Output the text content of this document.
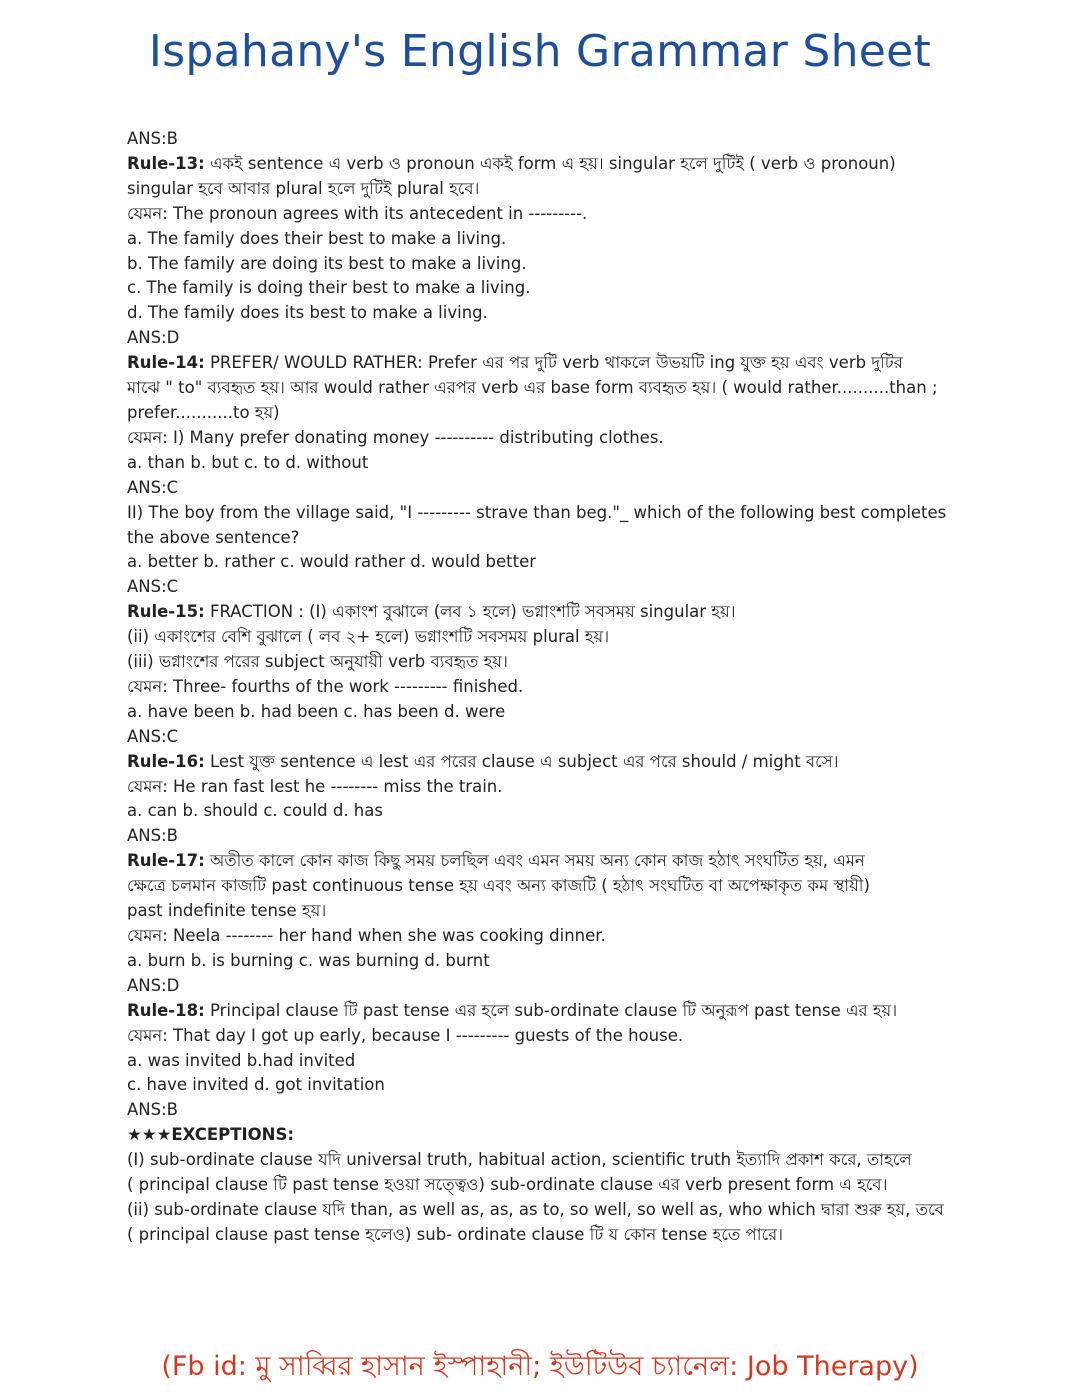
Ispahany's English Grammar Sheet
ANS:B
Rule-13: একই sentence এ verb ও pronoun একই form এ হয়। singular হলে দুটিই ( verb ও pronoun)
singular হবে আবার plural হলে দুটিই plural হবে।
যেমন: The pronoun agrees with its antecedent in ---------.
a. The family does their best to make a living.
b. The family are doing its best to make a living.
c. The family is doing their best to make a living.
d. The family does its best to make a living.
ANS:D
Rule-14: PREFER/ WOULD RATHER: Prefer এর পর দুটি verb থাকলে উভয়টি ing যুক্ত হয় এবং verb দুটির
মাঝে " to" ব্যবহৃত হয়। আর would rather এরপর verb এর base form ব্যবহৃত হয়। ( would rather..........than ;
prefer...........to হয়)
যেমন: I) Many prefer donating money ---------- distributing clothes.
a. than b. but c. to d. without
ANS:C
II) The boy from the village said, "I --------- strave than beg."_ which of the following best completes
the above sentence?
a. better b. rather c. would rather d. would better
ANS:C
Rule-15: FRACTION : (I) একাংশ বুঝালে (লব ১ হলে) ভগ্নাংশটি সবসময় singular হয়।
(ii) একাংশের বেশি বুঝালে ( লব ২+ হলে) ভগ্নাংশটি সবসময় plural হয়।
(iii) ভগ্নাংশের পরের subject অনুযায়ী verb ব্যবহৃত হয়।
যেমন: Three- fourths of the work --------- finished.
a. have been b. had been c. has been d. were
ANS:C
Rule-16: Lest যুক্ত sentence এ lest এর পরের clause এ subject এর পরে should / might বসে।
যেমন: He ran fast lest he -------- miss the train.
a. can b. should c. could d. has
ANS:B
Rule-17: অতীত কালে কোন কাজ কিছু সময় চলছিল এবং এমন সময় অন্য কোন কাজ হঠাৎ সংঘটিত হয়, এমন
ক্ষেত্রে চলমান কাজটি past continuous tense হয় এবং অন্য কাজটি ( হঠাৎ সংঘটিত বা অপেক্ষাকৃত কম স্থায়ী)
past indefinite tense হয়।
যেমন: Neela -------- her hand when she was cooking dinner.
a. burn b. is burning c. was burning d. burnt
ANS:D
Rule-18: Principal clause টি past tense এর হলে sub-ordinate clause টি অনুরূপ past tense এর হয়।
যেমন: That day I got up early, because I --------- guests of the house.
a. was invited b.had invited
c. have invited d. got invitation
ANS:B
★★★EXCEPTIONS:
(I) sub-ordinate clause যদি universal truth, habitual action, scientific truth ইত্যাদি প্রকাশ করে, তাহলে
( principal clause টি past tense হওয়া সত্ত্বেও) sub-ordinate clause এর verb present form এ হবে।
(ii) sub-ordinate clause যদি than, as well as, as, as to, so well, so well as, who which দ্বারা শুরু হয়, তবে
( principal clause past tense হলেও) sub- ordinate clause টি য কোন tense হতে পারে।
(Fb id: মু সাব্বির হাসান ইস্পাহানী; ইউটিউব চ্যানেল: Job Therapy)
